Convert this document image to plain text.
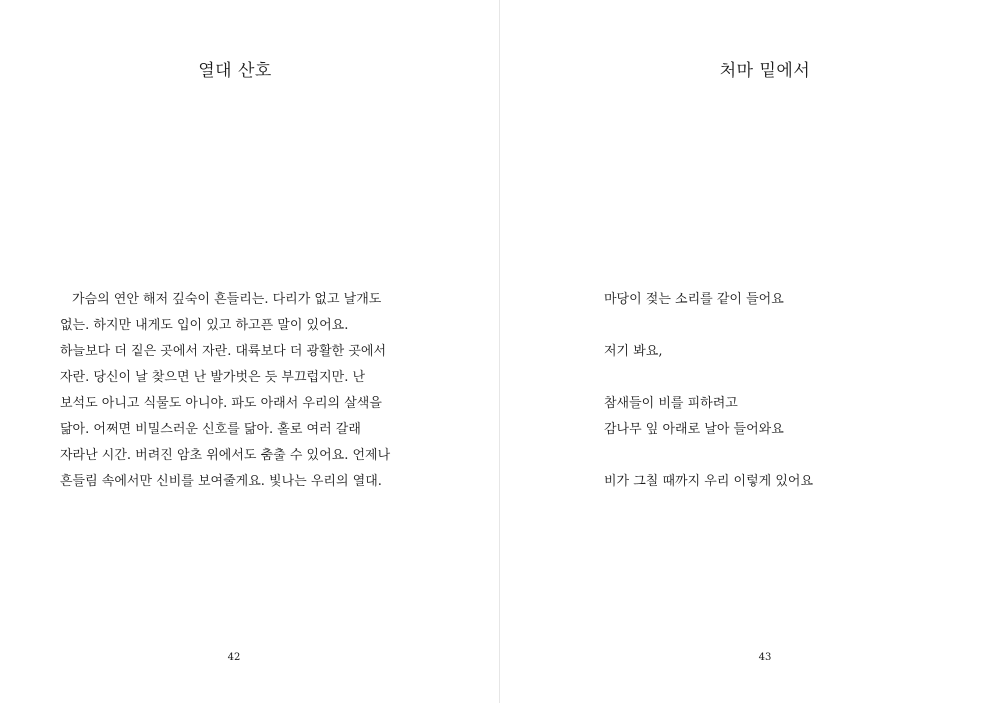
열대 산호
가슴의 연안 해저 깊숙이 흔들리는. 다리가 없고 날개도
없는. 하지만 내게도 입이 있고 하고픈 말이 있어요.
하늘보다 더 짙은 곳에서 자란. 대륙보다 더 광활한 곳에서
자란. 당신이 날 찾으면 난 발가벗은 듯 부끄럽지만. 난
보석도 아니고 식물도 아니야. 파도 아래서 우리의 살색을
닮아. 어쩌면 비밀스러운 신호를 닮아. 홀로 여러 갈래
자라난 시간. 버려진 암초 위에서도 춤출 수 있어요. 언제나
흔들림 속에서만 신비를 보여줄게요. 빛나는 우리의 열대.
42
처마 밑에서
마당이 젖는 소리를 같이 들어요
저기 봐요,
참새들이 비를 피하려고
감나무 잎 아래로 날아 들어와요
비가 그칠 때까지 우리 이렇게 있어요
43
